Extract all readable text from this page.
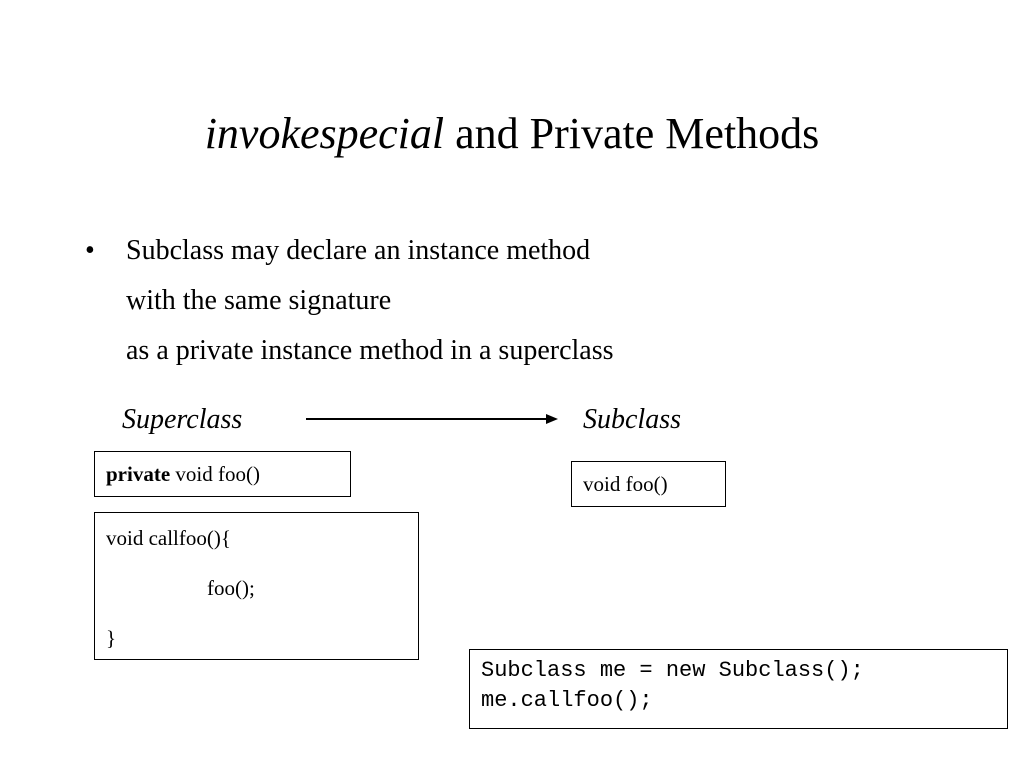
invokespecial and Private Methods
• Subclass may declare an instance method
with the same signature
as a private instance method in a superclass
Superclass	Subclass
private void foo()
void callfoo(){
foo();
}
void foo()
Subclass me = new Subclass();
me.callfoo();
